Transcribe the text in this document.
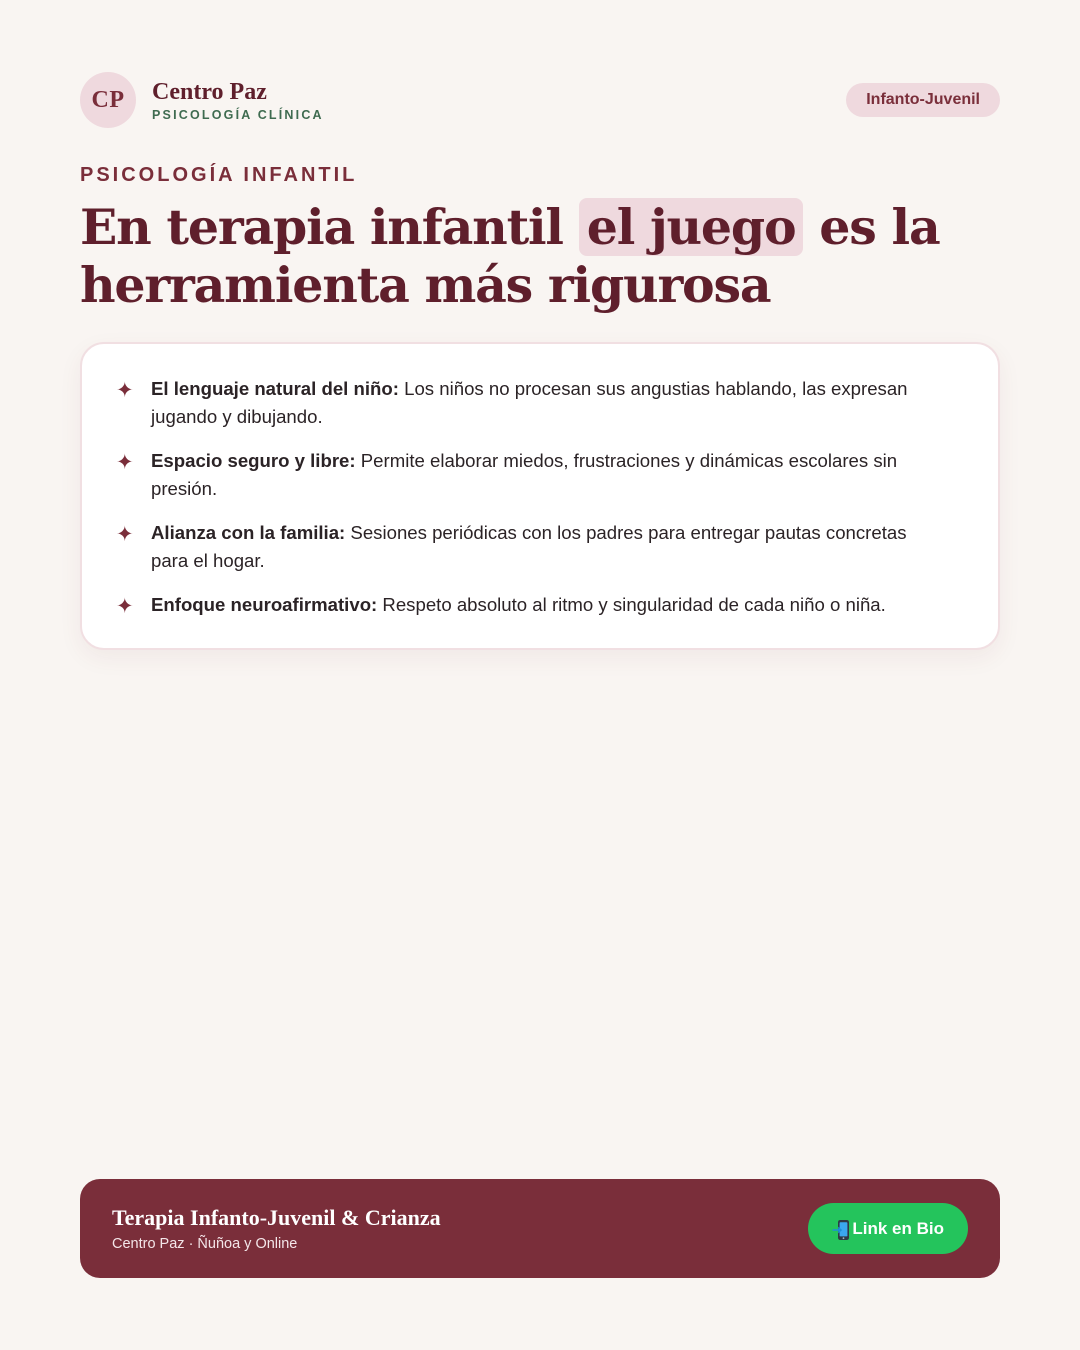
CP Centro Paz
PSICOLOGÍA CLÍNICA
Infanto-Juvenil
PSICOLOGÍA INFANTIL
En terapia infantil el juego es la herramienta más rigurosa
✦ El lenguaje natural del niño: Los niños no procesan sus angustias hablando, las expresan jugando y dibujando.
✦ Espacio seguro y libre: Permite elaborar miedos, frustraciones y dinámicas escolares sin presión.
✦ Alianza con la familia: Sesiones periódicas con los padres para entregar pautas concretas para el hogar.
✦ Enfoque neuroafirmativo: Respeto absoluto al ritmo y singularidad de cada niño o niña.
Terapia Infanto-Juvenil & Crianza
Centro Paz · Ñuñoa y Online
Link en Bio
